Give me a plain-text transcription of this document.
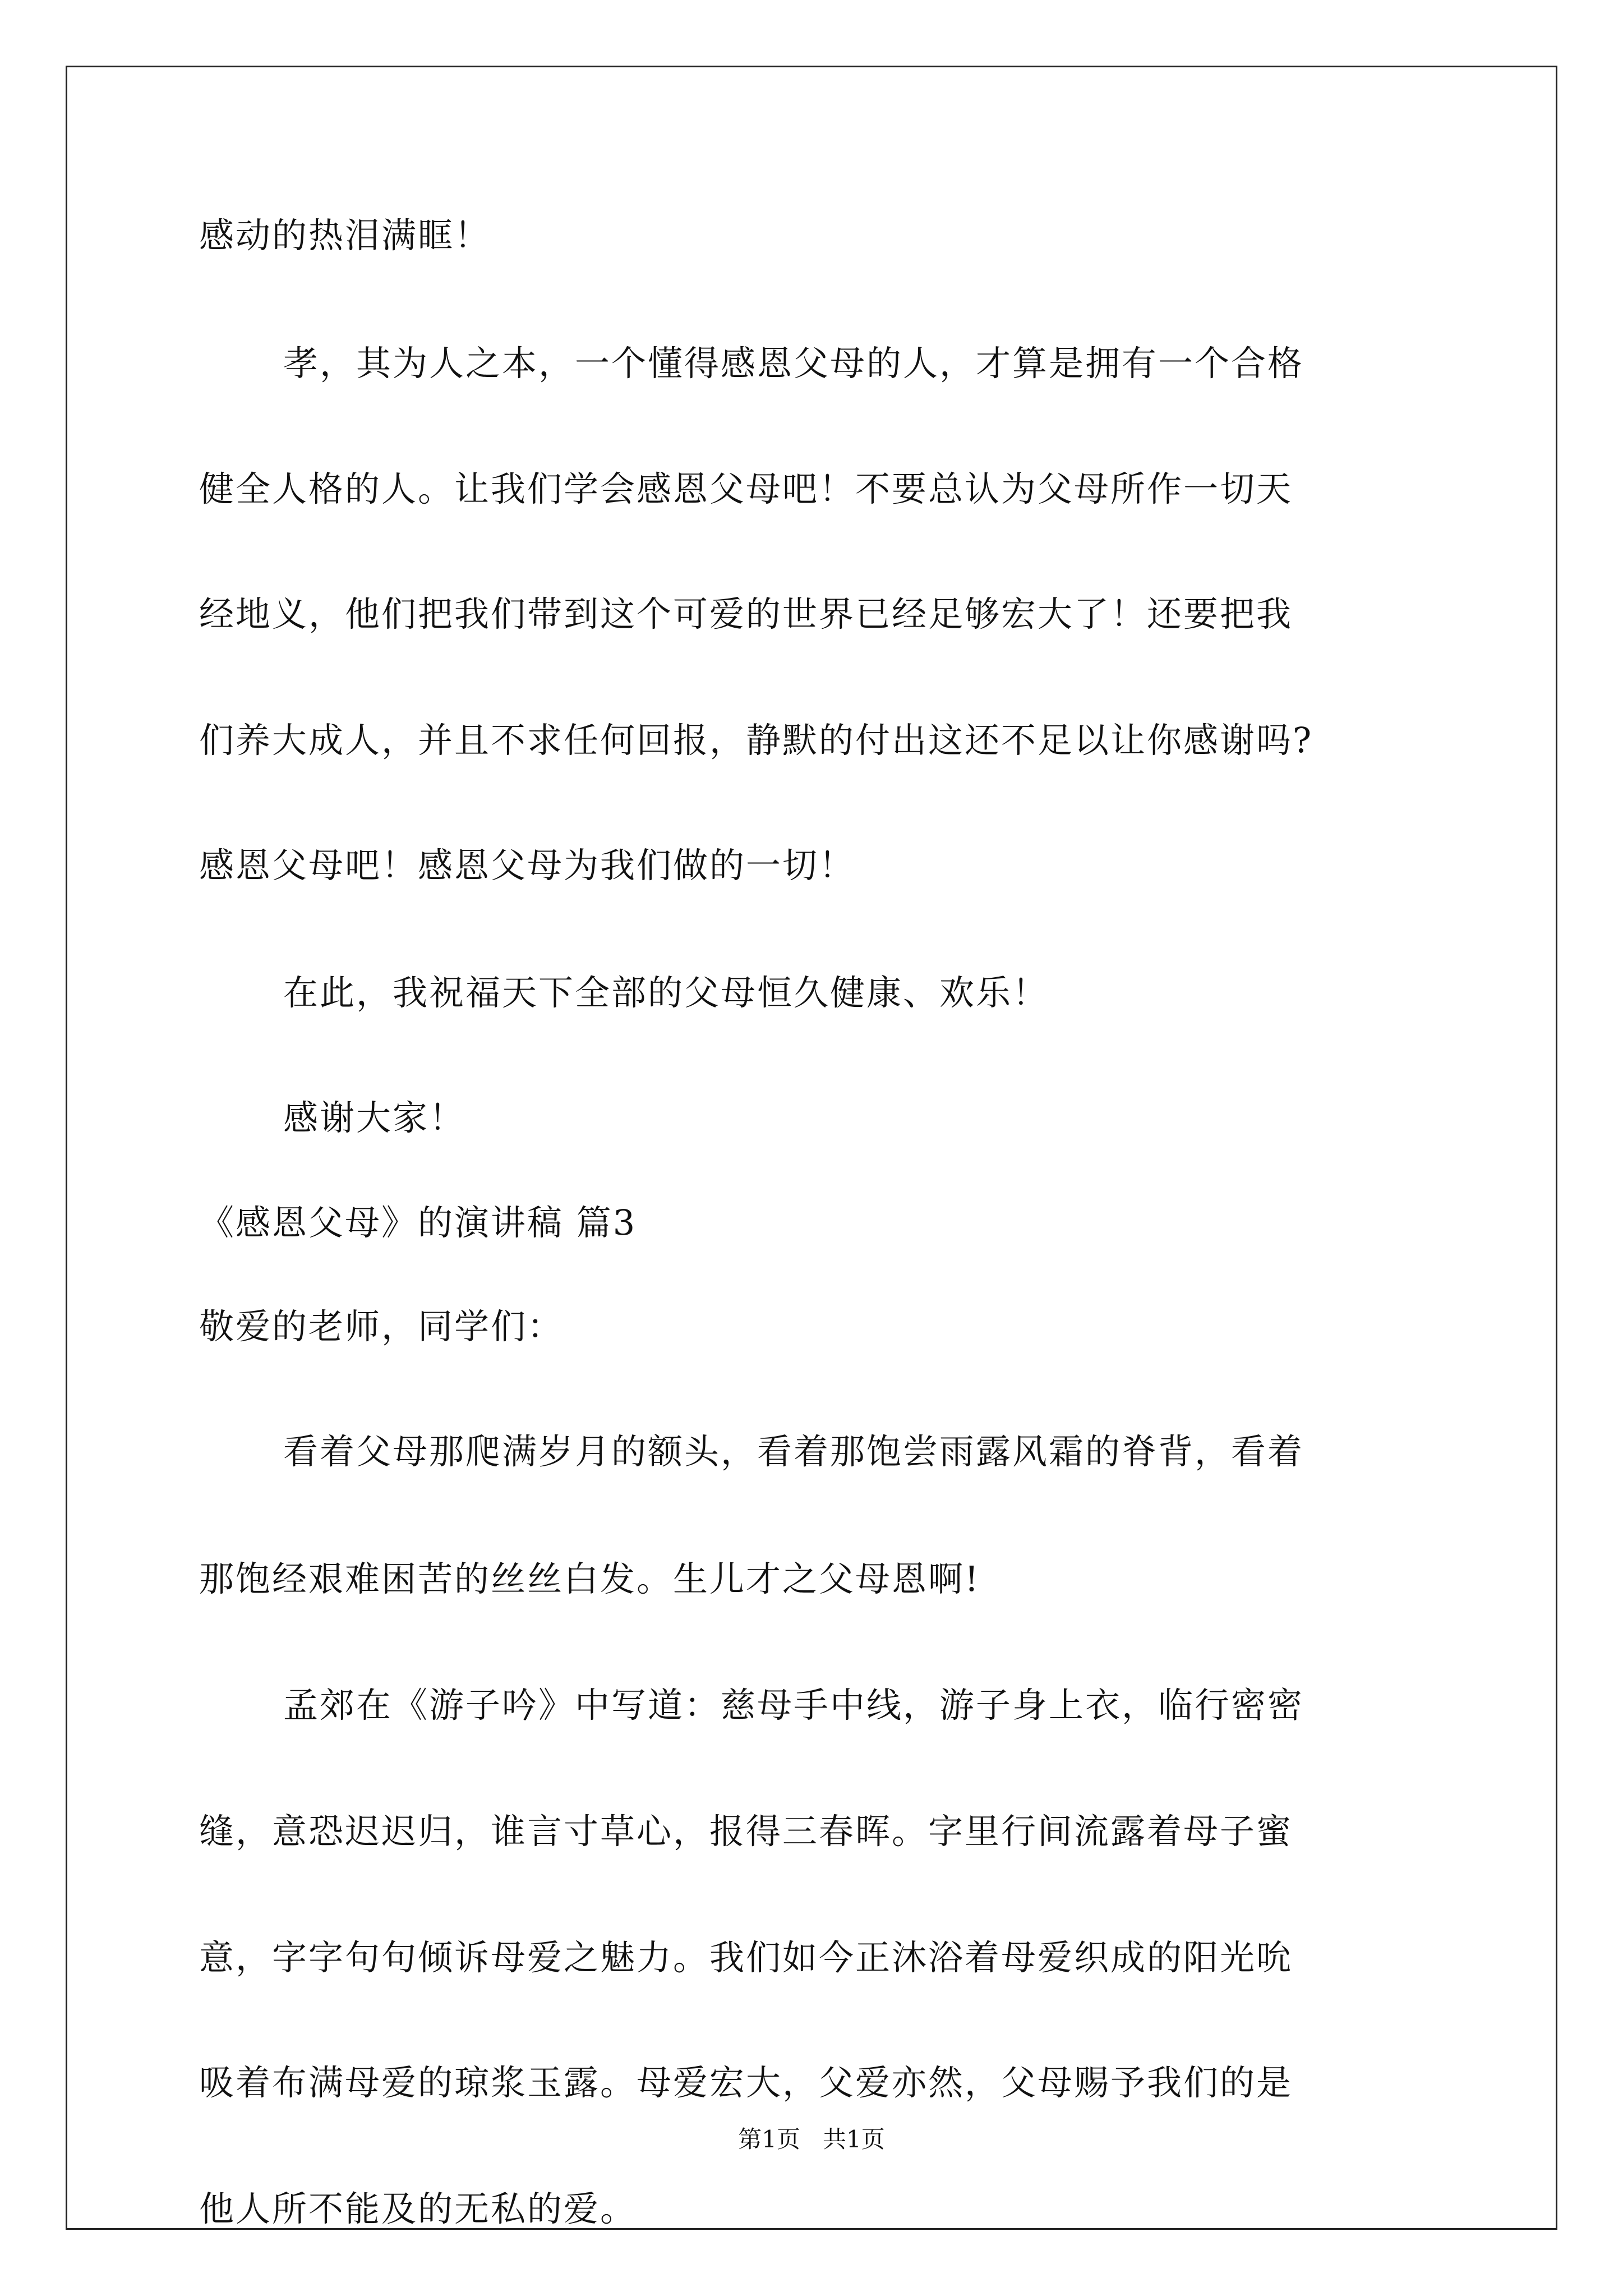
感动的热泪满眶！
孝，其为人之本，一个懂得感恩父母的人，才算是拥有一个合格
健全人格的人。让我们学会感恩父母吧！不要总认为父母所作一切天
经地义，他们把我们带到这个可爱的世界已经足够宏大了！还要把我
们养大成人，并且不求任何回报，静默的付出这还不足以让你感谢吗?
感恩父母吧！感恩父母为我们做的一切！
在此，我祝福天下全部的父母恒久健康、欢乐！
感谢大家！
《感恩父母》的演讲稿 篇3
敬爱的老师，同学们：
看着父母那爬满岁月的额头，看着那饱尝雨露风霜的脊背，看着
那饱经艰难困苦的丝丝白发。生儿才之父母恩啊!
孟郊在《游子吟》中写道：慈母手中线，游子身上衣，临行密密
缝，意恐迟迟归，谁言寸草心，报得三春晖。字里行间流露着母子蜜
意，字字句句倾诉母爱之魅力。我们如今正沐浴着母爱织成的阳光吮
吸着布满母爱的琼浆玉露。母爱宏大，父爱亦然，父母赐予我们的是
他人所不能及的无私的爱。
第1页   共1页
